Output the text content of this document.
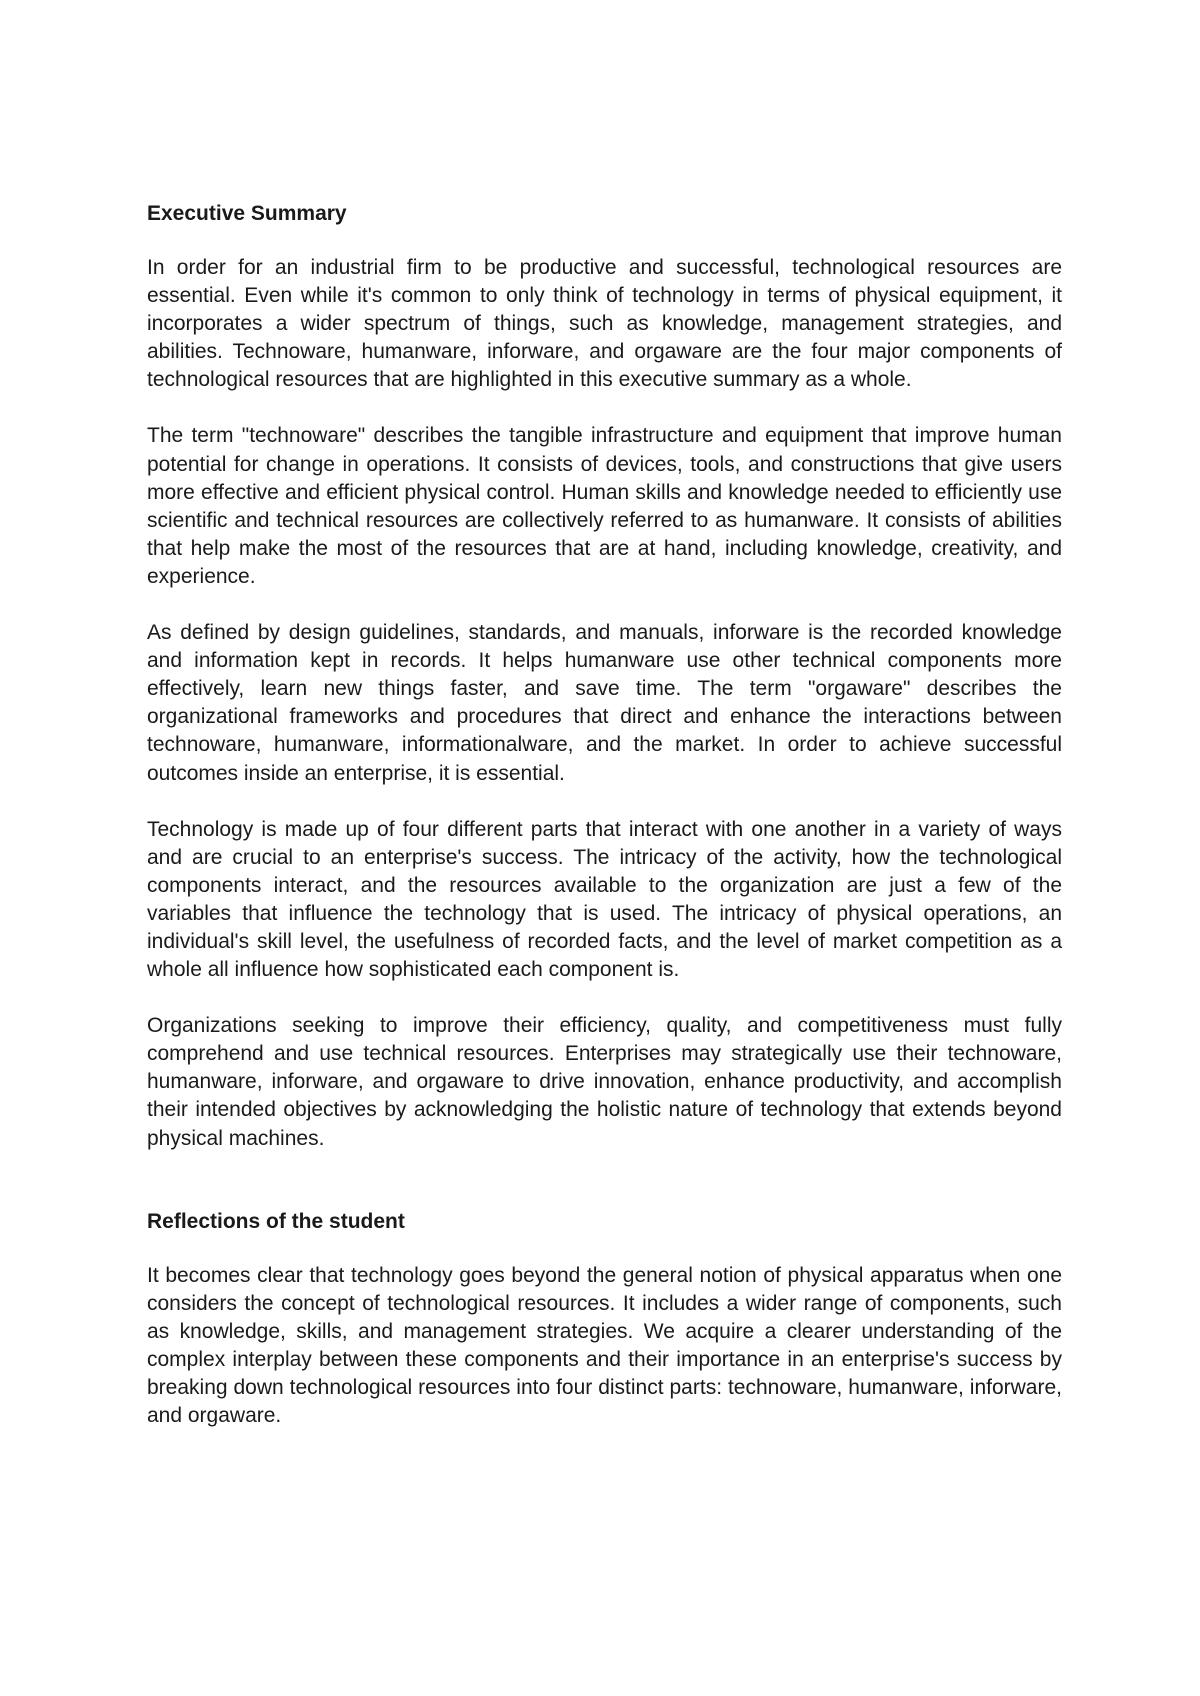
Executive Summary

In order for an industrial firm to be productive and successful, technological resources are essential. Even while it's common to only think of technology in terms of physical equipment, it incorporates a wider spectrum of things, such as knowledge, management strategies, and abilities. Technoware, humanware, inforware, and orgaware are the four major components of technological resources that are highlighted in this executive summary as a whole.

The term "technoware" describes the tangible infrastructure and equipment that improve human potential for change in operations. It consists of devices, tools, and constructions that give users more effective and efficient physical control. Human skills and knowledge needed to efficiently use scientific and technical resources are collectively referred to as humanware. It consists of abilities that help make the most of the resources that are at hand, including knowledge, creativity, and experience.

As defined by design guidelines, standards, and manuals, inforware is the recorded knowledge and information kept in records. It helps humanware use other technical components more effectively, learn new things faster, and save time. The term "orgaware" describes the organizational frameworks and procedures that direct and enhance the interactions between technoware, humanware, informationalware, and the market. In order to achieve successful outcomes inside an enterprise, it is essential.

Technology is made up of four different parts that interact with one another in a variety of ways and are crucial to an enterprise's success. The intricacy of the activity, how the technological components interact, and the resources available to the organization are just a few of the variables that influence the technology that is used. The intricacy of physical operations, an individual's skill level, the usefulness of recorded facts, and the level of market competition as a whole all influence how sophisticated each component is.

Organizations seeking to improve their efficiency, quality, and competitiveness must fully comprehend and use technical resources. Enterprises may strategically use their technoware, humanware, inforware, and orgaware to drive innovation, enhance productivity, and accomplish their intended objectives by acknowledging the holistic nature of technology that extends beyond physical machines.

Reflections of the student

It becomes clear that technology goes beyond the general notion of physical apparatus when one considers the concept of technological resources. It includes a wider range of components, such as knowledge, skills, and management strategies. We acquire a clearer understanding of the complex interplay between these components and their importance in an enterprise's success by breaking down technological resources into four distinct parts: technoware, humanware, inforware, and orgaware.
